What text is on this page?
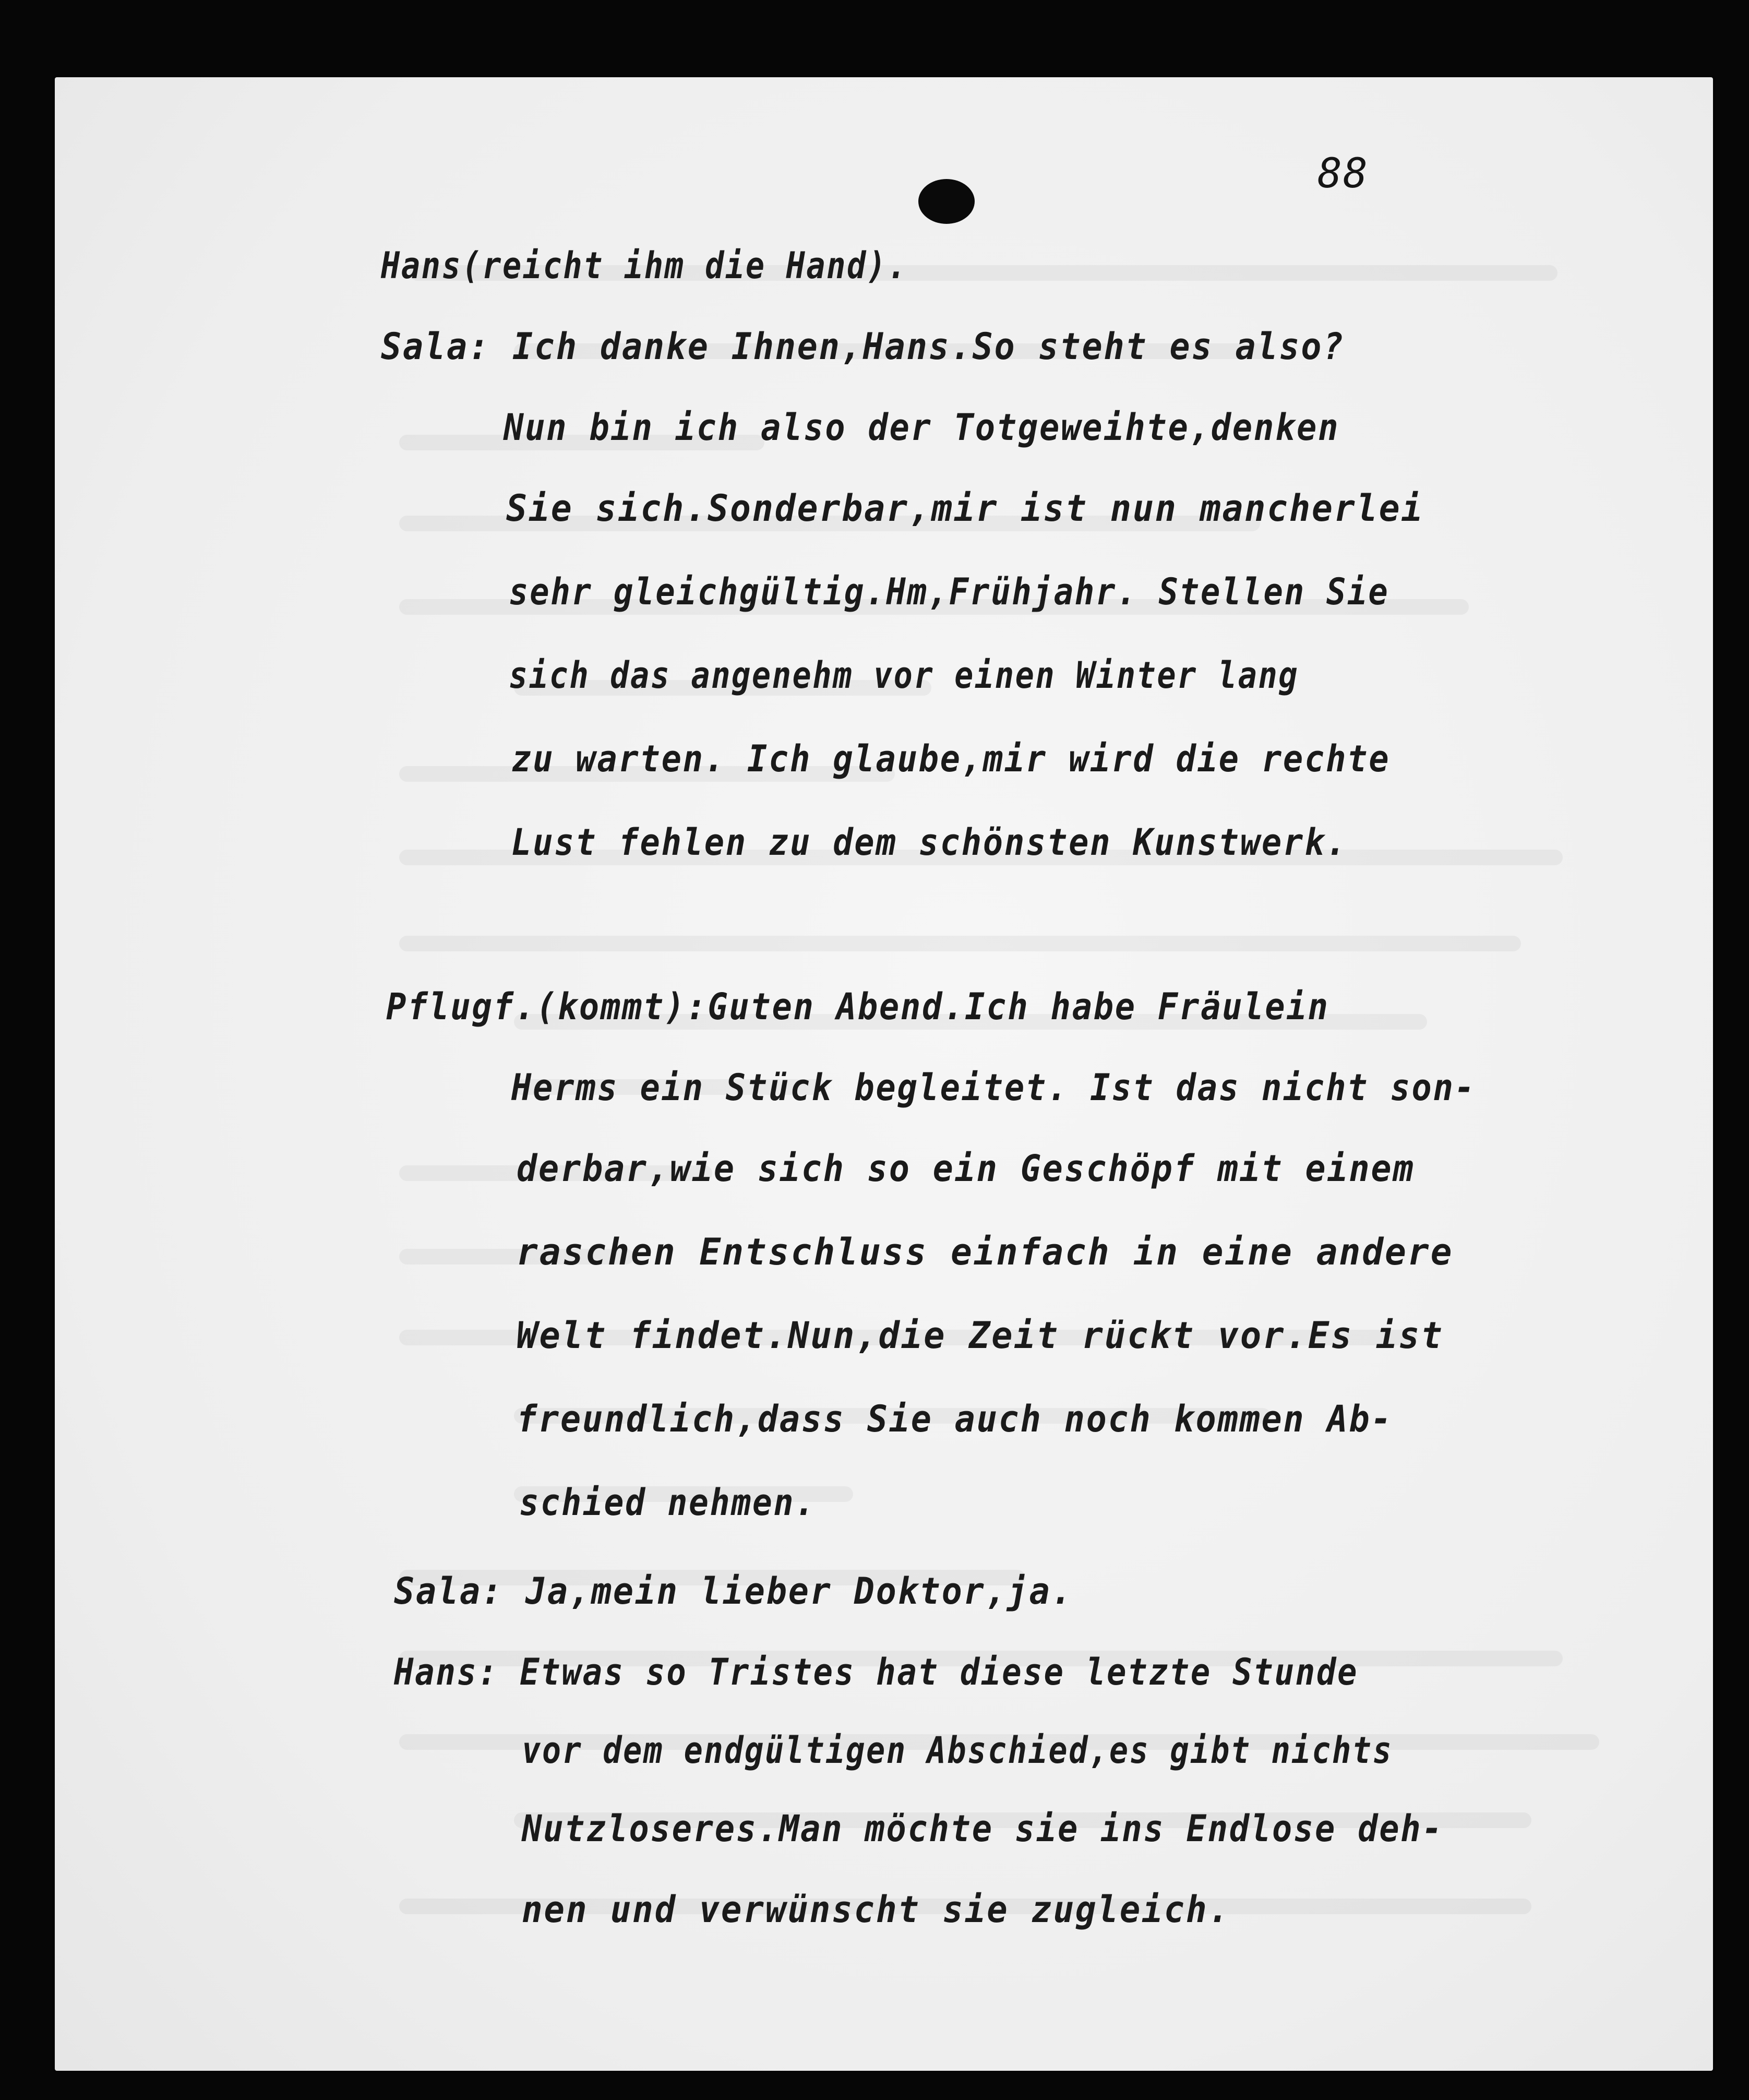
88
Hans(reicht ihm die Hand).
Sala: Ich danke Ihnen,Hans.So steht es also?
Nun bin ich also der Totgeweihte,denken
Sie sich.Sonderbar,mir ist nun mancherlei
sehr gleichgültig.Hm,Frühjahr. Stellen Sie
sich das angenehm vor einen Winter lang
zu warten. Ich glaube,mir wird die rechte
Lust fehlen zu dem schönsten Kunstwerk.
Pflugf.(kommt):Guten Abend.Ich habe Fräulein
Herms ein Stück begleitet. Ist das nicht son-
derbar,wie sich so ein Geschöpf mit einem
raschen Entschluss einfach in eine andere
Welt findet.Nun,die Zeit rückt vor.Es ist
freundlich,dass Sie auch noch kommen Ab-
schied nehmen.
Sala: Ja,mein lieber Doktor,ja.
Hans: Etwas so Tristes hat diese letzte Stunde
vor dem endgültigen Abschied,es gibt nichts
Nutzloseres.Man möchte sie ins Endlose deh-
nen und verwünscht sie zugleich.
